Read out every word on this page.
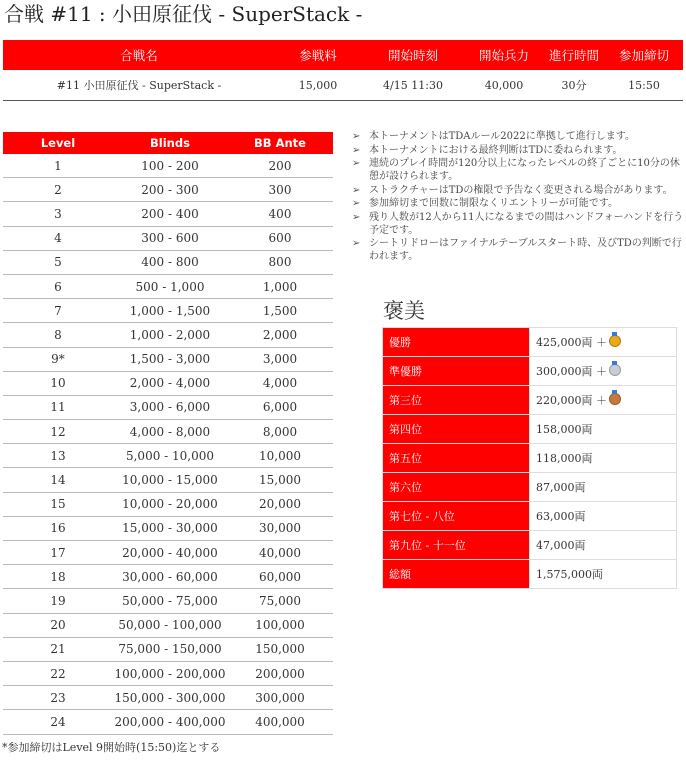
合戦 #11 : 小田原征伐 - SuperStack -
合戦名	参戦料	開始時刻	開始兵力	進行時間	参加締切
#11 小田原征伐 - SuperStack -	15,000	4/15 11:30	40,000	30分	15:50
Level	Blinds	BB Ante
1	100 - 200	200
2	200 - 300	300
3	200 - 400	400
4	300 - 600	600
5	400 - 800	800
6	500 - 1,000	1,000
7	1,000 - 1,500	1,500
8	1,000 - 2,000	2,000
9*	1,500 - 3,000	3,000
10	2,000 - 4,000	4,000
11	3,000 - 6,000	6,000
12	4,000 - 8,000	8,000
13	5,000 - 10,000	10,000
14	10,000 - 15,000	15,000
15	10,000 - 20,000	20,000
16	15,000 - 30,000	30,000
17	20,000 - 40,000	40,000
18	30,000 - 60,000	60,000
19	50,000 - 75,000	75,000
20	50,000 - 100,000	100,000
21	75,000 - 150,000	150,000
22	100,000 - 200,000	200,000
23	150,000 - 300,000	300,000
24	200,000 - 400,000	400,000
*参加締切はLevel 9開始時(15:50)迄とする
➢ 本トーナメントはTDAルール2022に準拠して進行します。
➢ 本トーナメントにおける最終判断はTDに委ねられます。
➢ 連続のプレイ時間が120分以上になったレベルの終了ごとに10分の休憩が設けられます。
➢ ストラクチャーはTDの権限で予告なく変更される場合があります。
➢ 参加締切まで回数に制限なくリエントリーが可能です。
➢ 残り人数が12人から11人になるまでの間はハンドフォーハンドを行う予定です。
➢ シートリドローはファイナルテーブルスタート時、及びTDの判断で行われます。
褒美
優勝	425,000両 ＋
準優勝	300,000両 ＋
第三位	220,000両 ＋
第四位	158,000両
第五位	118,000両
第六位	87,000両
第七位 - 八位	63,000両
第九位 - 十一位	47,000両
総額	1,575,000両
